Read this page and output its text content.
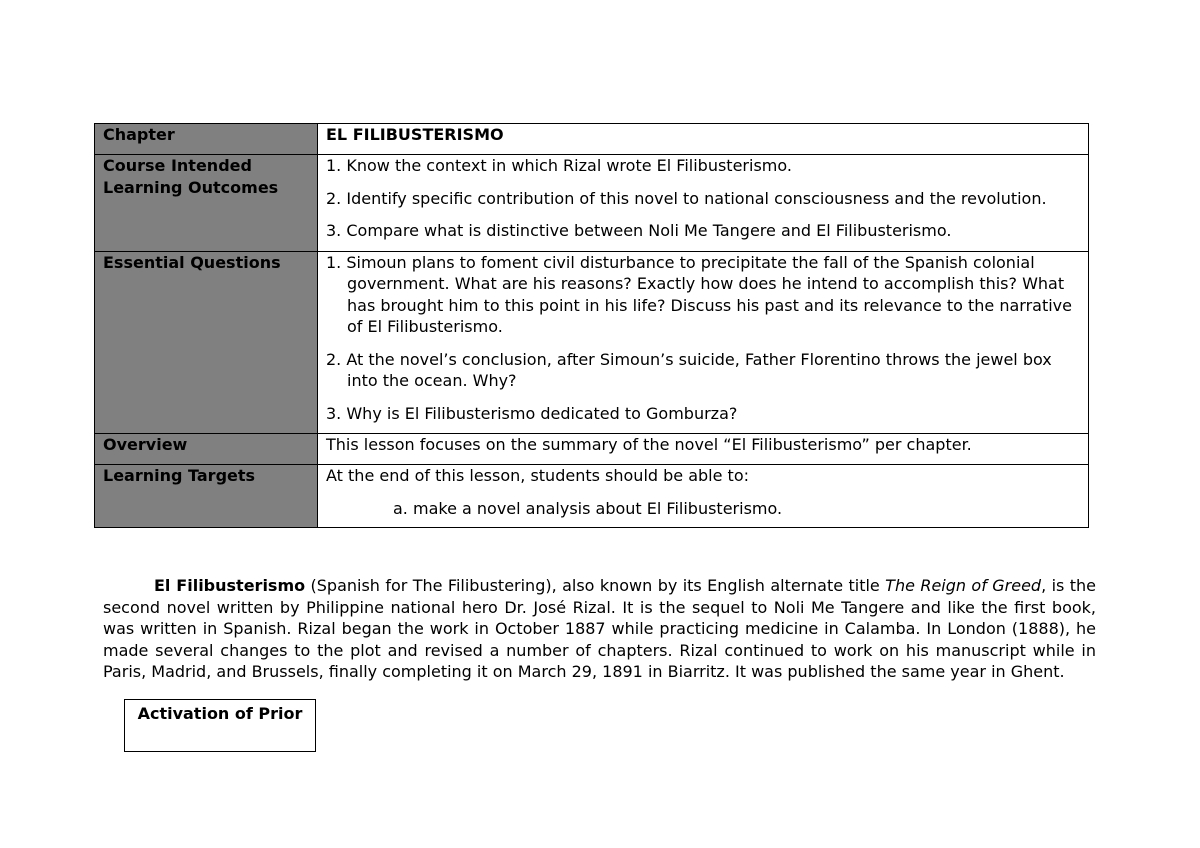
Chapter	EL FILIBUSTERISMO
Course Intended Learning Outcomes	1. Know the context in which Rizal wrote El Filibusterismo.

2. Identify specific contribution of this novel to national consciousness and the revolution.

3. Compare what is distinctive between Noli Me Tangere and El Filibusterismo.

Essential Questions	1. Simoun plans to foment civil disturbance to precipitate the fall of the Spanish colonial government. What are his reasons? Exactly how does he intend to accomplish this? What has brought him to this point in his life? Discuss his past and its relevance to the narrative of El Filibusterismo.

2. At the novel’s conclusion, after Simoun’s suicide, Father Florentino throws the jewel box into the ocean. Why?

3. Why is El Filibusterismo dedicated to Gomburza?

Overview	This lesson focuses on the summary of the novel “El Filibusterismo” per chapter.
Learning Targets	At the end of this lesson, students should be able to:

a. make a novel analysis about El Filibusterismo.

El Filibusterismo (Spanish for The Filibustering), also known by its English alternate title The Reign of Greed, is the second novel written by Philippine national hero Dr. José Rizal. It is the sequel to Noli Me Tangere and like the first book, was written in Spanish. Rizal began the work in October 1887 while practicing medicine in Calamba. In London (1888), he made several changes to the plot and revised a number of chapters. Rizal continued to work on his manuscript while in Paris, Madrid, and Brussels, finally completing it on March 29, 1891 in Biarritz. It was published the same year in Ghent.

Activation of Prior
